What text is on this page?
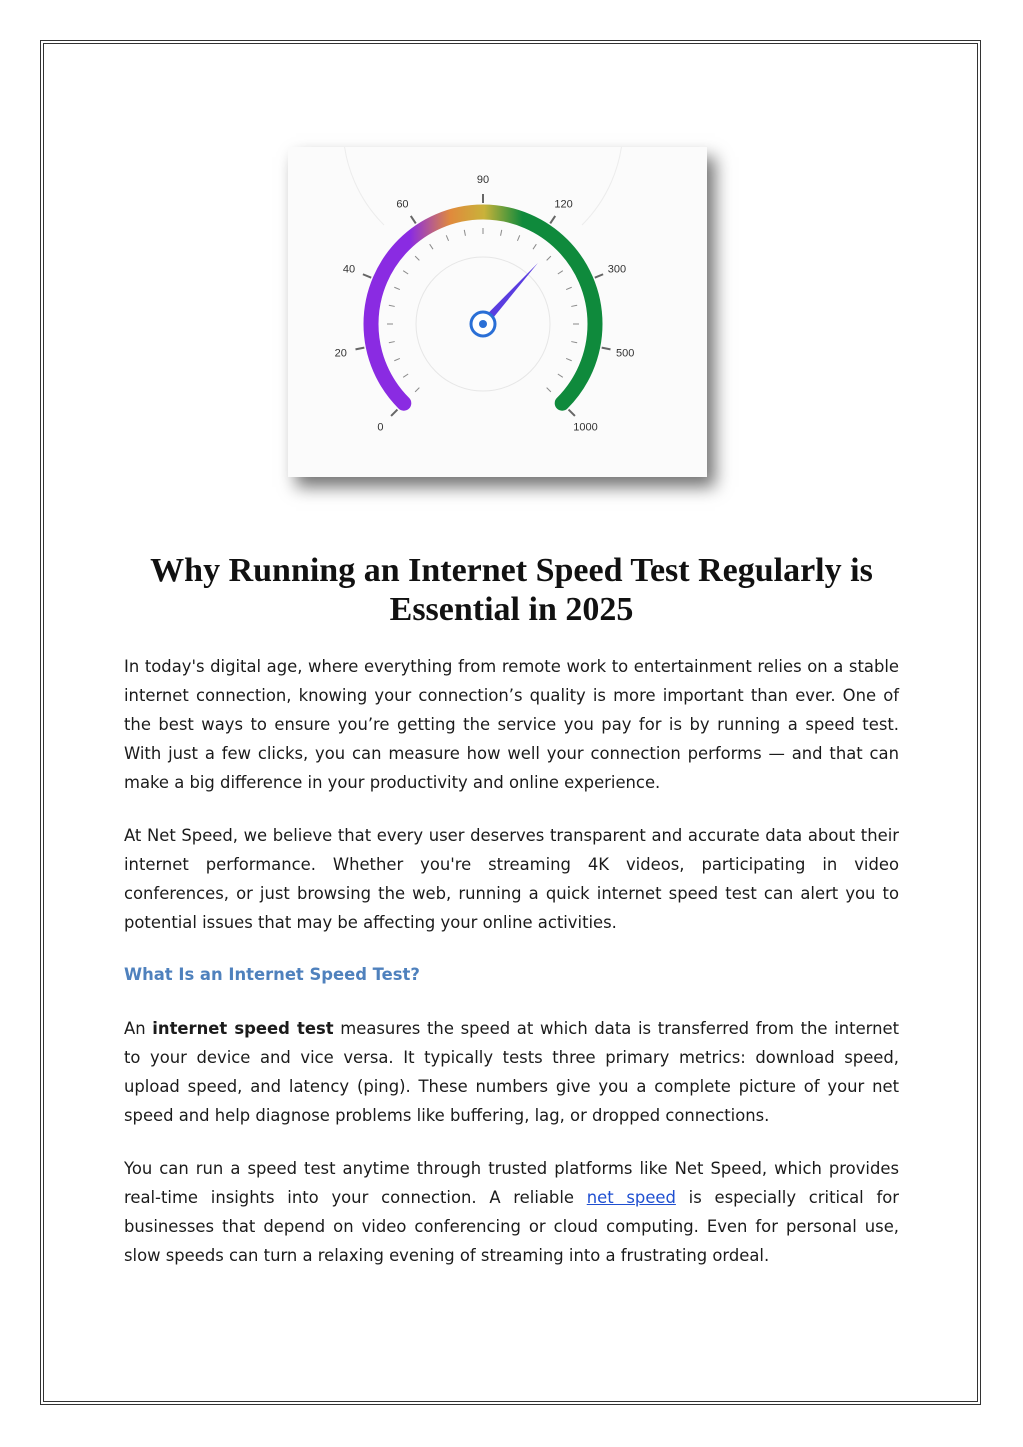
0
20
40
60
90
120
300
500
1000
Why Running an Internet Speed Test Regularly is
Essential in 2025

In today's digital age, where everything from remote work to entertainment relies on a stable internet connection, knowing your connection’s quality is more important than ever. One of the best ways to ensure you’re getting the service you pay for is by running a speed test. With just a few clicks, you can measure how well your connection performs — and that can make a big difference in your productivity and online experience.

At Net Speed, we believe that every user deserves transparent and accurate data about their internet performance. Whether you're streaming 4K videos, participating in video conferences, or just browsing the web, running a quick internet speed test can alert you to potential issues that may be affecting your online activities.

What Is an Internet Speed Test?

An internet speed test measures the speed at which data is transferred from the internet to your device and vice versa. It typically tests three primary metrics: download speed, upload speed, and latency (ping). These numbers give you a complete picture of your net speed and help diagnose problems like buffering, lag, or dropped connections.

You can run a speed test anytime through trusted platforms like Net Speed, which provides real-time insights into your connection. A reliable net speed is especially critical for businesses that depend on video conferencing or cloud computing. Even for personal use, slow speeds can turn a relaxing evening of streaming into a frustrating ordeal.
